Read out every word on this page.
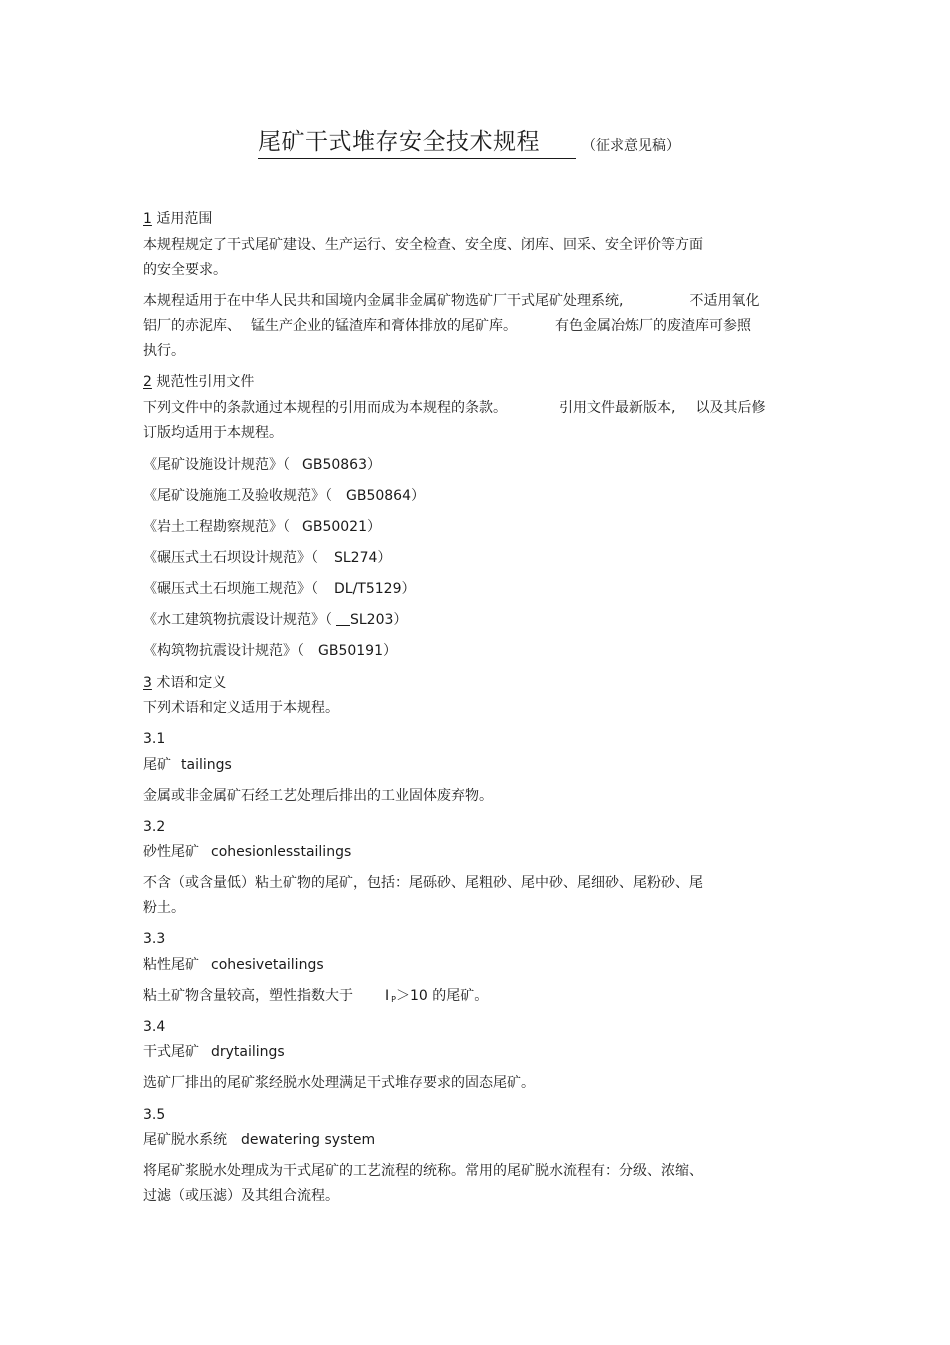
尾矿干式堆存安全技术规程	（征求意见稿）
1 适用范围
本规程规定了干式尾矿建设、生产运行、安全检查、安全度、闭库、回采、安全评价等方面
的安全要求。
本规程适用于在中华人民共和国境内金属非金属矿物选矿厂干式尾矿处理系统,	不适用氧化
铝厂的赤泥库、 锰生产企业的锰渣库和膏体排放的尾矿库。	有色金属冶炼厂的废渣库可参照
执行。
2 规范性引用文件
下列文件中的条款通过本规程的引用而成为本规程的条款。	引用文件最新版本, 以及其后修
订版均适用于本规程。
《尾矿设施设计规范》（ GB50863）
《尾矿设施施工及验收规范》（ GB50864）
《岩土工程勘察规范》（ GB50021）
《碾压式土石坝设计规范》（ SL274）
《碾压式土石坝施工规范》（ DL/T5129）
《水工建筑物抗震设计规范》（ SL203）
《构筑物抗震设计规范》（ GB50191）
3 术语和定义
下列术语和定义适用于本规程。
3.1
尾矿 tailings
金属或非金属矿石经工艺处理后排出的工业固体废弃物。
3.2
砂性尾矿 cohesionlesstailings
不含（或含量低）粘土矿物的尾矿，包括：尾砾砂、尾粗砂、尾中砂、尾细砂、尾粉砂、尾
粉土。
3.3
粘性尾矿 cohesivetailings
粘土矿物含量较高，塑性指数大于 I P＞10 的尾矿。
3.4
干式尾矿 drytailings
选矿厂排出的尾矿浆经脱水处理满足干式堆存要求的固态尾矿。
3.5
尾矿脱水系统 dewatering system
将尾矿浆脱水处理成为干式尾矿的工艺流程的统称。常用的尾矿脱水流程有：分级、浓缩、
过滤（或压滤）及其组合流程。
